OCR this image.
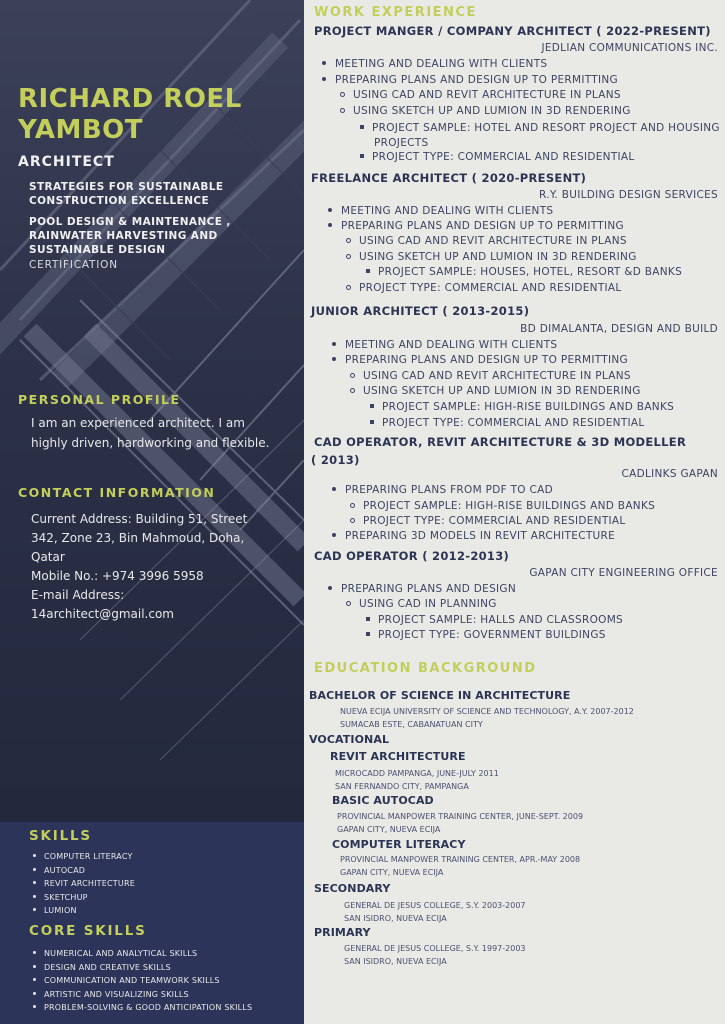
RICHARD ROEL YAMBOT
ARCHITECT
STRATEGIES FOR SUSTAINABLE CONSTRUCTION EXCELLENCE
POOL DESIGN & MAINTENANCE , RAINWATER HARVESTING AND SUSTAINABLE DESIGN
CERTIFICATION
PERSONAL PROFILE
I am an experienced architect. I am highly driven, hardworking and flexible.
CONTACT INFORMATION
Current Address: Building 51, Street
342, Zone 23, Bin Mahmoud, Doha,
Qatar
Mobile No.: +974 3996 5958
E-mail Address:
14architect@gmail.com
SKILLS
COMPUTER LITERACY
AUTOCAD
REVIT ARCHITECTURE
SKETCHUP
LUMION
CORE SKILLS
NUMERICAL AND ANALYTICAL SKILLS
DESIGN AND CREATIVE SKILLS
COMMUNICATION AND TEAMWORK SKILLS
ARTISTIC AND VISUALIZING SKILLS
PROBLEM-SOLVING & GOOD ANTICIPATION SKILLS
WORK EXPERIENCE
PROJECT MANGER / COMPANY ARCHITECT ( 2022-PRESENT)
JEDLIAN COMMUNICATIONS INC.
MEETING AND DEALING WITH CLIENTS
PREPARING PLANS AND DESIGN UP TO PERMITTING
USING CAD AND REVIT ARCHITECTURE IN PLANS
USING SKETCH UP AND LUMION IN 3D RENDERING
PROJECT SAMPLE: HOTEL AND RESORT PROJECT AND HOUSING PROJECTS
PROJECT TYPE: COMMERCIAL AND RESIDENTIAL
FREELANCE ARCHITECT ( 2020-PRESENT)
R.Y. BUILDING DESIGN SERVICES
MEETING AND DEALING WITH CLIENTS
PREPARING PLANS AND DESIGN UP TO PERMITTING
USING CAD AND REVIT ARCHITECTURE IN PLANS
USING SKETCH UP AND LUMION IN 3D RENDERING
PROJECT SAMPLE: HOUSES, HOTEL, RESORT &D BANKS
PROJECT TYPE: COMMERCIAL AND RESIDENTIAL
JUNIOR ARCHITECT ( 2013-2015)
BD DIMALANTA, DESIGN AND BUILD
MEETING AND DEALING WITH CLIENTS
PREPARING PLANS AND DESIGN UP TO PERMITTING
USING CAD AND REVIT ARCHITECTURE IN PLANS
USING SKETCH UP AND LUMION IN 3D RENDERING
PROJECT SAMPLE: HIGH-RISE BUILDINGS AND BANKS
PROJECT TYPE: COMMERCIAL AND RESIDENTIAL
CAD OPERATOR, REVIT ARCHITECTURE & 3D MODELLER
( 2013)
CADLINKS GAPAN
PREPARING PLANS FROM PDF TO CAD
PROJECT SAMPLE: HIGH-RISE BUILDINGS AND BANKS
PROJECT TYPE: COMMERCIAL AND RESIDENTIAL
PREPARING 3D MODELS IN REVIT ARCHITECTURE
CAD OPERATOR ( 2012-2013)
GAPAN CITY ENGINEERING OFFICE
PREPARING PLANS AND DESIGN
USING CAD IN PLANNING
PROJECT SAMPLE: HALLS AND CLASSROOMS
PROJECT TYPE: GOVERNMENT BUILDINGS
EDUCATION BACKGROUND
BACHELOR OF SCIENCE IN ARCHITECTURE
NUEVA ECIJA UNIVERSITY OF SCIENCE AND TECHNOLOGY, A.Y. 2007-2012
SUMACAB ESTE, CABANATUAN CITY
VOCATIONAL
REVIT ARCHITECTURE
MICROCADD PAMPANGA, JUNE-JULY 2011
SAN FERNANDO CITY, PAMPANGA
BASIC AUTOCAD
PROVINCIAL MANPOWER TRAINING CENTER, JUNE-SEPT. 2009
GAPAN CITY, NUEVA ECIJA
COMPUTER LITERACY
PROVINCIAL MANPOWER TRAINING CENTER, APR.-MAY 2008
GAPAN CITY, NUEVA ECIJA
SECONDARY
GENERAL DE JESUS COLLEGE, S.Y. 2003-2007
SAN ISIDRO, NUEVA ECIJA
PRIMARY
GENERAL DE JESUS COLLEGE, S.Y. 1997-2003
SAN ISIDRO, NUEVA ECIJA
